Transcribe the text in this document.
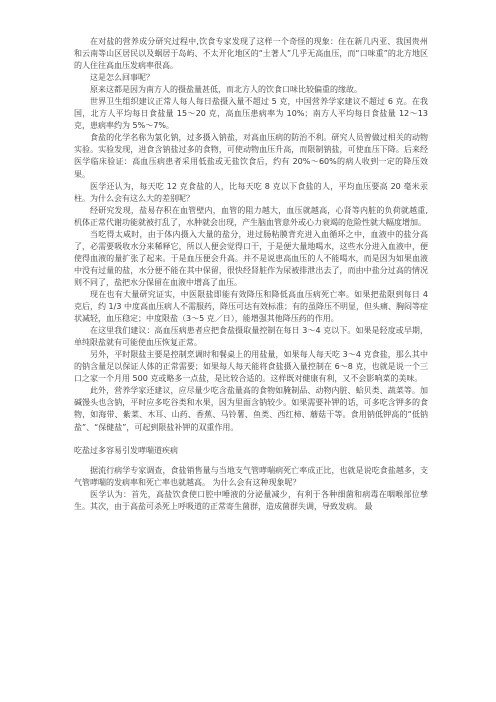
在对盐的营养成分研究过程中,饮食专家发现了这样一个奇怪的现象：住在新几内亚、我国贵州和云南等山区居民以及蜗居于岛屿、不太开化地区的“土著人”几乎无高血压，而“口味重”的北方地区的人住往高血压发病率很高。

这是怎么回事呢？

原来这都是因为南方人的摄盐量甚低，而北方人的饮食口味比较偏重的缘故。

世界卫生组织建议正常人每人每日盐摄入量不超过 5 克，中国营养学家建议不超过 6 克。在我国，北方人平均每日食盐量 15～20 克，高血压患病率为 10%；南方人平均每日食盐量 12～13 克，患病率约为 5%～7%。

食盐的化学名称为氯化钠，过多摄入钠盐，对高血压病的防治不利。研究人员曾做过相关的动物实验。实验发现，进食含钠盐过多的食物，可使动物血压升高，而限制钠盐，可使血压下降。后来经医学临床验证：高血压病患者采用低盐或无盐饮食后，约有 20%～60%的病人收到一定的降压效果。

医学还认为，每天吃 12 克食盐的人，比每天吃 8 克以下食盐的人，平均血压要高 20 毫米汞柱。为什么会有这么大的差别呢？

经研究发现，盐易存积在血管壁内，血管的阻力越大，血压就越高，心肾等内脏的负荷就越重,机体正常代谢功能就被打乱了，水肿就会出现，产生脑血管意外或心力衰竭的危险性就大幅度增加。

当吃得太咸时，由于体内摄入大量的盐分，进过肠粘膜背充进入血循环之中，血液中的盐分高了，必需要吸收水分来稀释它，所以人便会觉得口干，于是便大量地喝水，这些水分进入血液中，便使得血液的量扩张了起来。于是血压便会升高。并不是说患高血压的人不能喝水，而是因为如果血液中没有过量的盐，水分便不能在其中保留，很快经肾脏作为尿被排泄出去了，而由中盐分过高的情况则不同了，盐把水分保留在血液中增高了血压。

现在也有大量研究证实，中医限盐即能有效降压和降低高血压病死亡率。如果把盐限到每日 4 克后，约 1/3 中度高血压病人不需服药，降压可达有效标准；有的虽降压不明显，但头痛、胸闷等症状减轻，血压稳定；中度限盐（3～5 克／日），能增强其他降压药的作用。

在这里我们建议：高血压病患者应把食盐摄取量控制在每日 3～4 克以下。如果是轻度或早期，单纯限盐就有可能使血压恢复正常。

另外，平时限盐主要是控制烹调时和餐桌上的用盐量，如果每人每天吃 3～4 克食盐，那么其中的钠含量足以保证人体的正常需要；如果每人每天能将食盐摄入量控制在 6～8 克，也就是说一个三口之家一个月用 500 克或略多一点盐，是比较合适的。这样既对健康有利，又不会影响菜的美味。

此外，营养学家还建议，应尽量少吃含盐量高的食物如腌制品、动物内脏、蛤贝类、蔬菜等。加碱馒头也含钠，平时应多吃谷类和水果，因为里面含钠较少。如果需要补钾的话，可多吃含钾多的食物，如海带、紫菜、木耳、山药、香蕉、马铃薯、鱼类、西红柿、蘑菇干等。食用钠低钾高的“低钠盐”、“保健盐”，可起到限盐补钾的双重作用。

吃盐过多容易引发哮喘道疾病

据流行病学专家调查，食盐销售量与当地支气管哮喘病死亡率成正比，也就是说吃食盐越多，支气管哮喘的发病率和死亡率也就越高。 为什么会有这种现象呢？

医学认为：首先，高盐饮食使口腔中唾液的分泌量减少，有利于各种细菌和病毒在咽喉部位孳生。其次，由于高盐可杀死上呼吸道的正常寄生菌群，造成菌群失调，导致发病。 最
